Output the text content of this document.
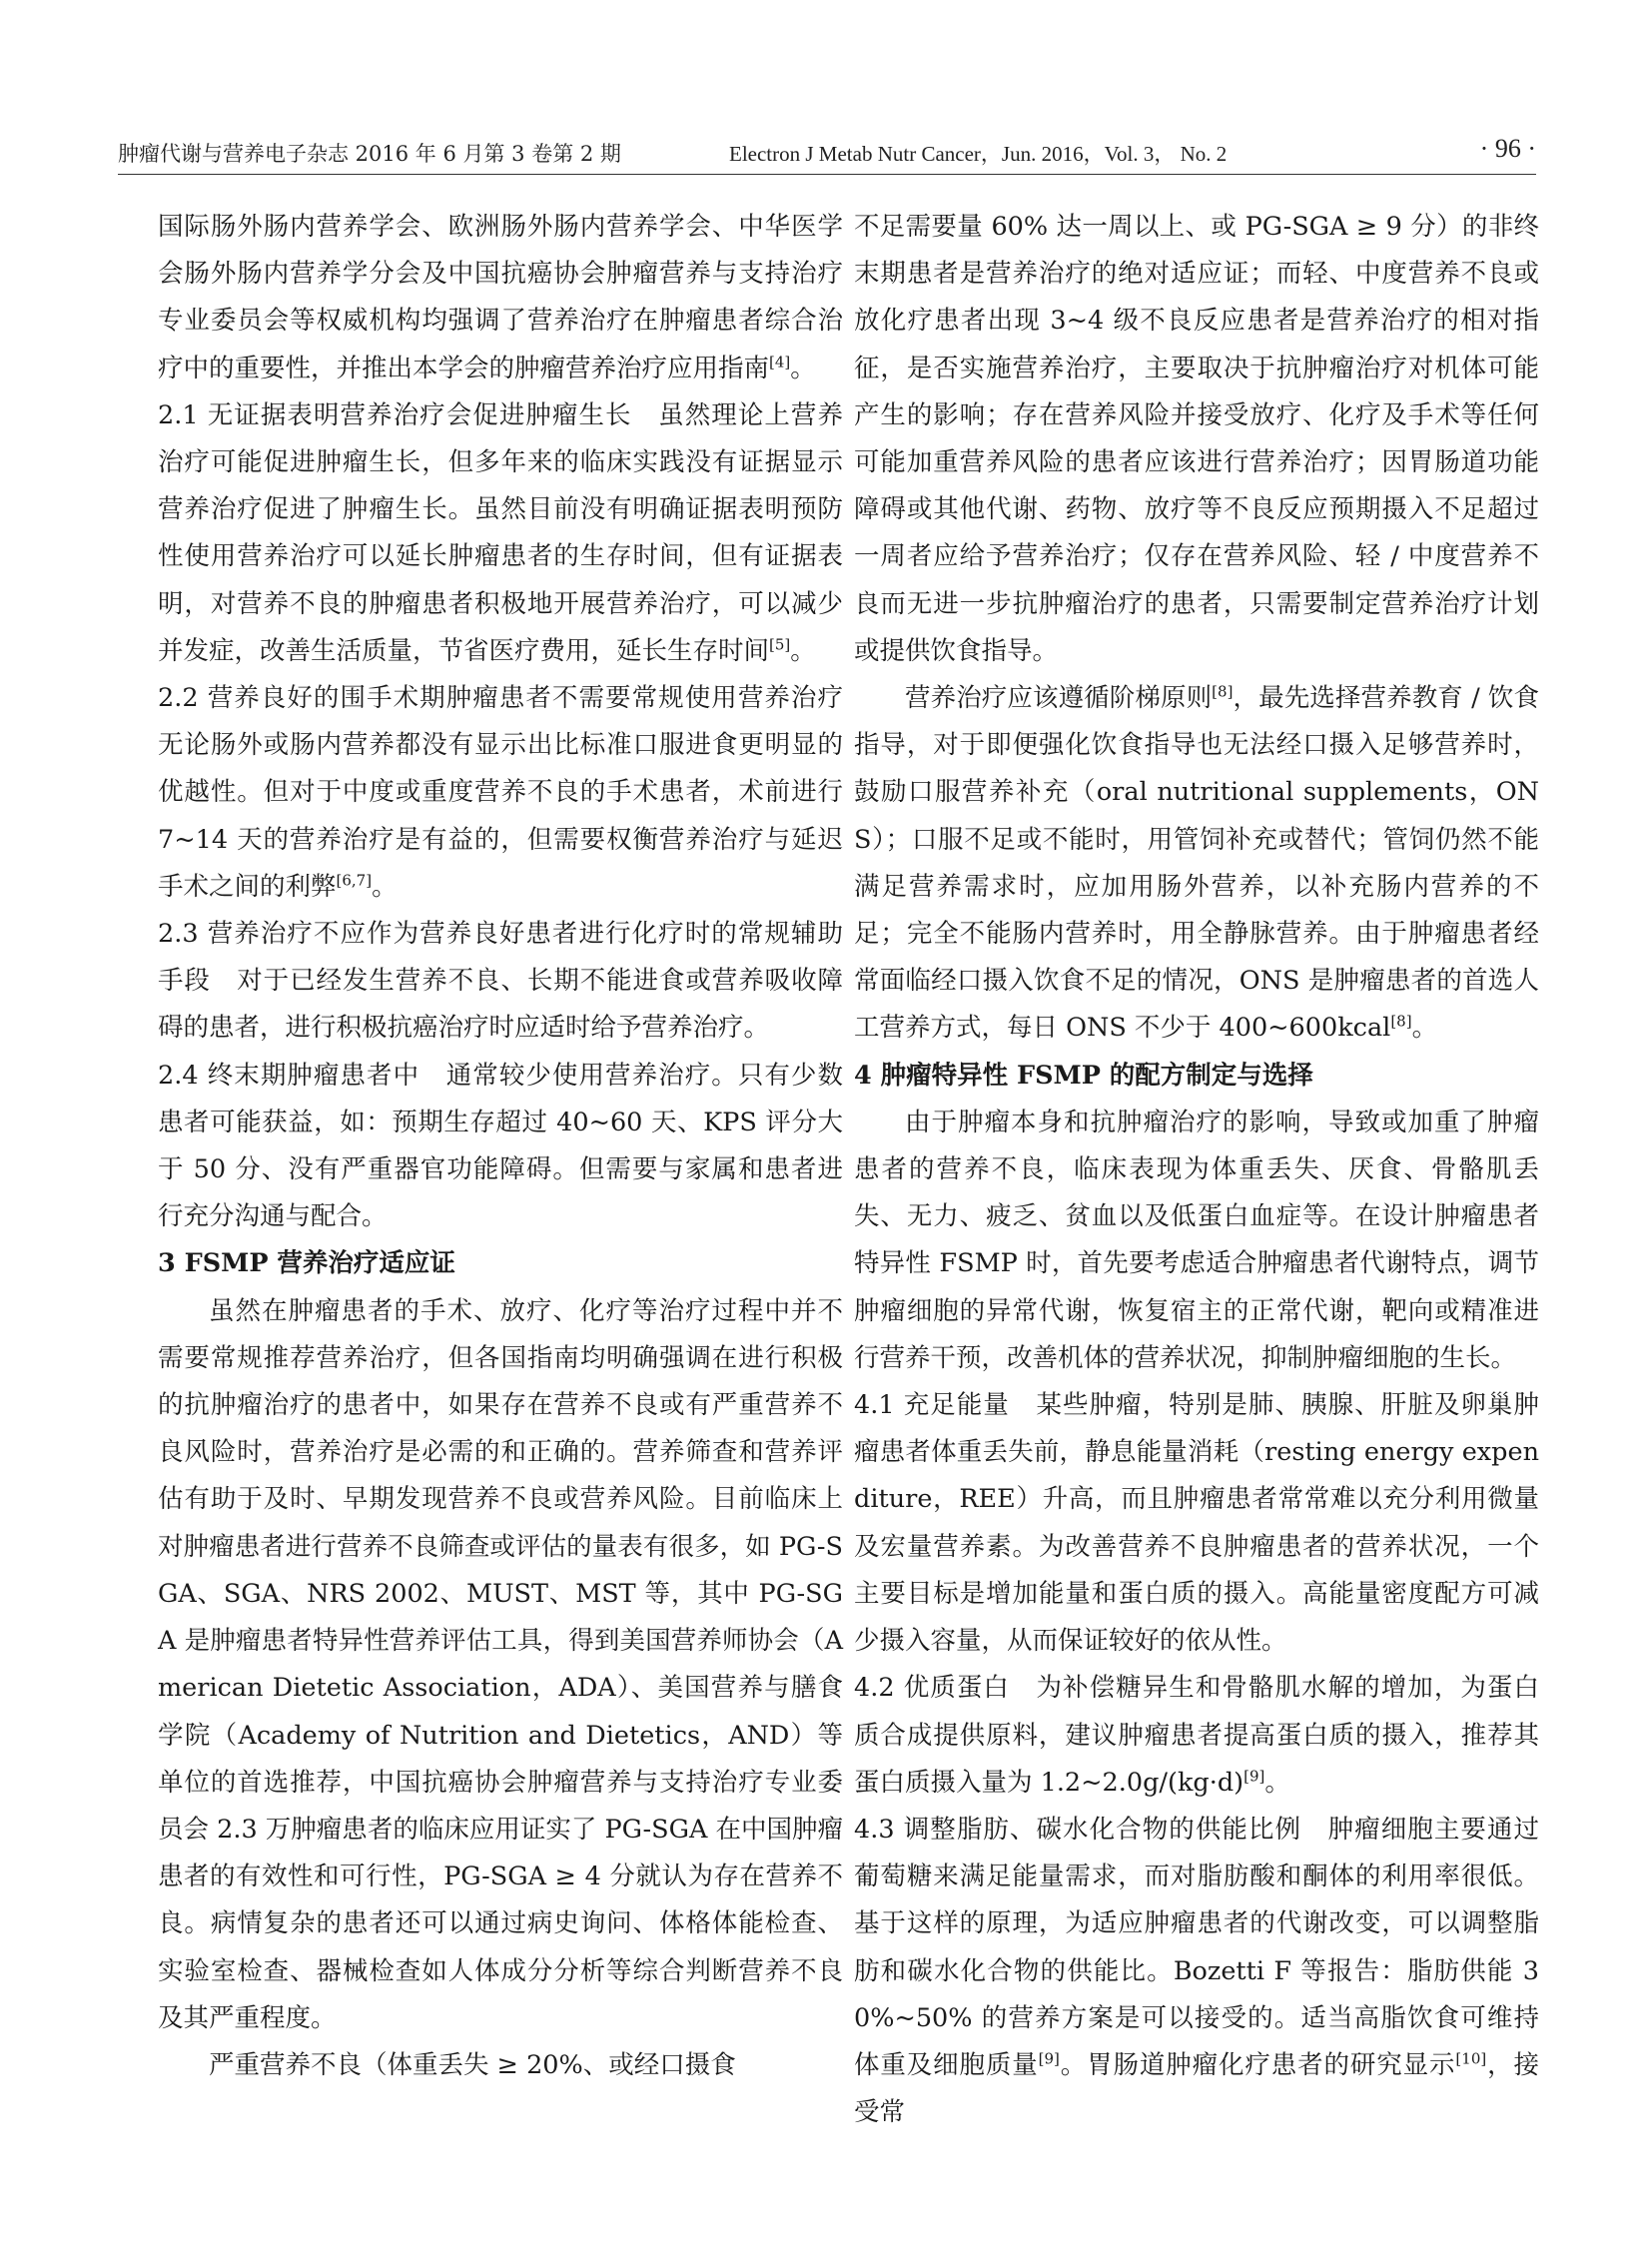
肿瘤代谢与营养电子杂志 2016 年 6 月第 3 卷第 2 期	Electron J Metab Nutr Cancer，Jun. 2016，Vol. 3， No. 2	· 96 ·

国际肠外肠内营养学会、欧洲肠外肠内营养学会、中华医学会肠外肠内营养学分会及中国抗癌协会肿瘤营养与支持治疗专业委员会等权威机构均强调了营养治疗在肿瘤患者综合治疗中的重要性，并推出本学会的肿瘤营养治疗应用指南[4]。

2.1 无证据表明营养治疗会促进肿瘤生长　虽然理论上营养治疗可能促进肿瘤生长，但多年来的临床实践没有证据显示营养治疗促进了肿瘤生长。虽然目前没有明确证据表明预防性使用营养治疗可以延长肿瘤患者的生存时间，但有证据表明，对营养不良的肿瘤患者积极地开展营养治疗，可以减少并发症，改善生活质量，节省医疗费用，延长生存时间[5]。

2.2 营养良好的围手术期肿瘤患者不需要常规使用营养治疗　无论肠外或肠内营养都没有显示出比标准口服进食更明显的优越性。但对于中度或重度营养不良的手术患者，术前进行 7~14 天的营养治疗是有益的，但需要权衡营养治疗与延迟手术之间的利弊[6,7]。

2.3 营养治疗不应作为营养良好患者进行化疗时的常规辅助手段　对于已经发生营养不良、长期不能进食或营养吸收障碍的患者，进行积极抗癌治疗时应适时给予营养治疗。

2.4 终末期肿瘤患者中　通常较少使用营养治疗。只有少数患者可能获益，如：预期生存超过 40~60 天、KPS 评分大于 50 分、没有严重器官功能障碍。但需要与家属和患者进行充分沟通与配合。

3 FSMP 营养治疗适应证

虽然在肿瘤患者的手术、放疗、化疗等治疗过程中并不需要常规推荐营养治疗，但各国指南均明确强调在进行积极的抗肿瘤治疗的患者中，如果存在营养不良或有严重营养不良风险时，营养治疗是必需的和正确的。营养筛查和营养评估有助于及时、早期发现营养不良或营养风险。目前临床上对肿瘤患者进行营养不良筛查或评估的量表有很多，如 PG-SGA、SGA、NRS 2002、MUST、MST 等，其中 PG-SGA 是肿瘤患者特异性营养评估工具，得到美国营养师协会（American Dietetic Association，ADA）、美国营养与膳食学院（Academy of Nutrition and Dietetics，AND）等单位的首选推荐，中国抗癌协会肿瘤营养与支持治疗专业委员会 2.3 万肿瘤患者的临床应用证实了 PG-SGA 在中国肿瘤患者的有效性和可行性，PG-SGA ≥ 4 分就认为存在营养不良。病情复杂的患者还可以通过病史询问、体格体能检查、实验室检查、器械检查如人体成分分析等综合判断营养不良及其严重程度。

严重营养不良（体重丢失 ≥ 20%、或经口摄食

不足需要量 60% 达一周以上、或 PG-SGA ≥ 9 分）的非终末期患者是营养治疗的绝对适应证；而轻、中度营养不良或放化疗患者出现 3~4 级不良反应患者是营养治疗的相对指征，是否实施营养治疗，主要取决于抗肿瘤治疗对机体可能产生的影响；存在营养风险并接受放疗、化疗及手术等任何可能加重营养风险的患者应该进行营养治疗；因胃肠道功能障碍或其他代谢、药物、放疗等不良反应预期摄入不足超过一周者应给予营养治疗；仅存在营养风险、轻 / 中度营养不良而无进一步抗肿瘤治疗的患者，只需要制定营养治疗计划或提供饮食指导。

营养治疗应该遵循阶梯原则[8]，最先选择营养教育 / 饮食指导，对于即便强化饮食指导也无法经口摄入足够营养时，鼓励口服营养补充（oral nutritional supplements，ONS）；口服不足或不能时，用管饲补充或替代；管饲仍然不能满足营养需求时，应加用肠外营养，以补充肠内营养的不足；完全不能肠内营养时，用全静脉营养。由于肿瘤患者经常面临经口摄入饮食不足的情况，ONS 是肿瘤患者的首选人工营养方式，每日 ONS 不少于 400~600kcal[8]。

4 肿瘤特异性 FSMP 的配方制定与选择

由于肿瘤本身和抗肿瘤治疗的影响，导致或加重了肿瘤患者的营养不良，临床表现为体重丢失、厌食、骨骼肌丢失、无力、疲乏、贫血以及低蛋白血症等。在设计肿瘤患者特异性 FSMP 时，首先要考虑适合肿瘤患者代谢特点，调节肿瘤细胞的异常代谢，恢复宿主的正常代谢，靶向或精准进行营养干预，改善机体的营养状况，抑制肿瘤细胞的生长。

4.1 充足能量　某些肿瘤，特别是肺、胰腺、肝脏及卵巢肿瘤患者体重丢失前，静息能量消耗（resting energy expenditure，REE）升高，而且肿瘤患者常常难以充分利用微量及宏量营养素。为改善营养不良肿瘤患者的营养状况，一个主要目标是增加能量和蛋白质的摄入。高能量密度配方可减少摄入容量，从而保证较好的依从性。

4.2 优质蛋白　为补偿糖异生和骨骼肌水解的增加，为蛋白质合成提供原料，建议肿瘤患者提高蛋白质的摄入，推荐其蛋白质摄入量为 1.2~2.0g/(kg·d)[9]。

4.3 调整脂肪、碳水化合物的供能比例　肿瘤细胞主要通过葡萄糖来满足能量需求，而对脂肪酸和酮体的利用率很低。基于这样的原理，为适应肿瘤患者的代谢改变，可以调整脂肪和碳水化合物的供能比。Bozetti F 等报告：脂肪供能 30%~50% 的营养方案是可以接受的。适当高脂饮食可维持体重及细胞质量[9]。胃肠道肿瘤化疗患者的研究显示[10]，接受常
